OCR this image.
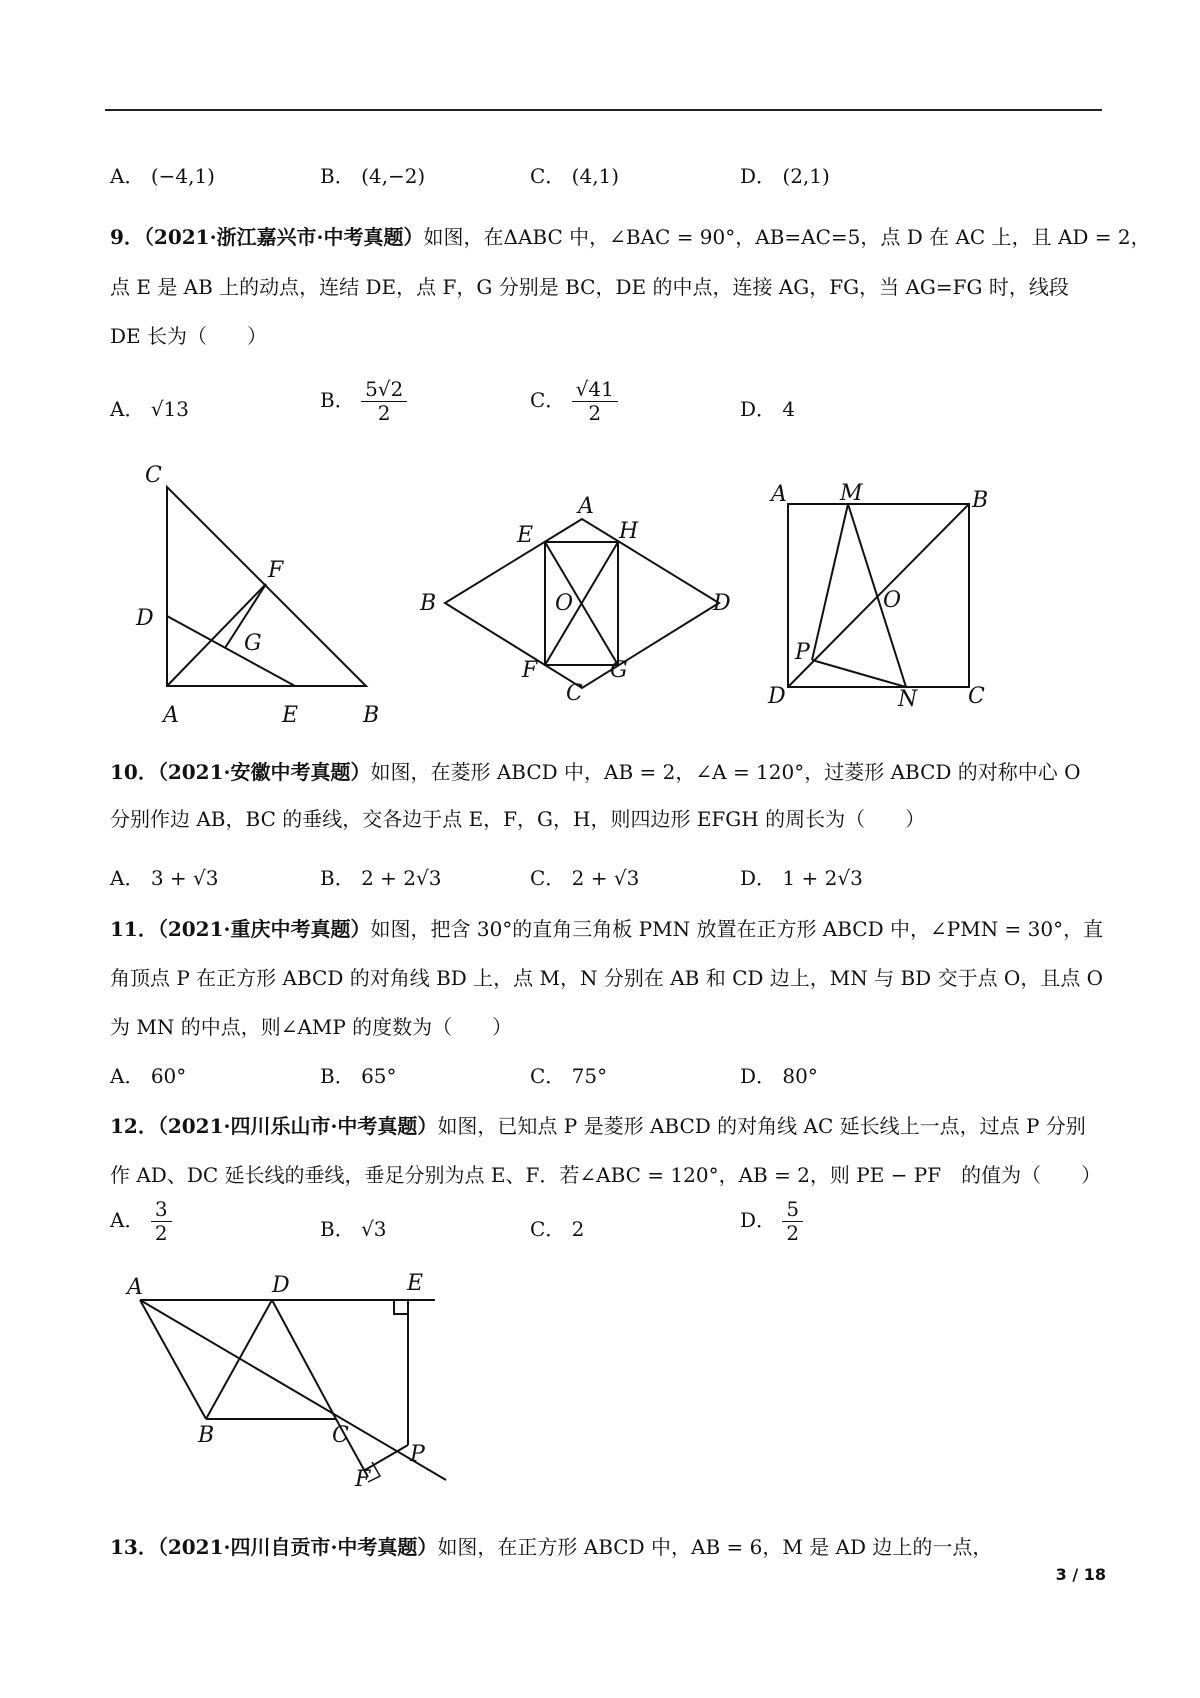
A． (−4,1)	B． (4,−2)	C． (4,1)	D． (2,1)
9．（2021·浙江嘉兴市·中考真题）如图，在ΔABC 中，∠BAC = 90°，AB=AC=5，点 D 在 AC 上，且 AD = 2，
点 E 是 AB 上的动点，连结 DE，点 F，G 分别是 BC，DE 的中点，连接 AG，FG，当 AG=FG 时，线段
DE 长为（　　）
A． √13	B． $\frac{5√2}{2}$	C． $\frac{√41}{2}$	D． 4
C
F
D
G
A	E	B
A
E	H
B	O	D
F	G
C
A M	B
O
P
D	N C
A	D	E
B	C
P
F
10．（2021·安徽中考真题）如图，在菱形 ABCD 中，AB = 2，∠A = 120°，过菱形 ABCD 的对称中心 O
分别作边 AB，BC 的垂线，交各边于点 E，F，G，H，则四边形 EFGH 的周长为（　　）
A． 3 + √3	B． 2 + 2√3	C． 2 + √3	D． 1 + 2√3
11．（2021·重庆中考真题）如图，把含 30°的直角三角板 PMN 放置在正方形 ABCD 中，∠PMN = 30°，直
角顶点 P 在正方形 ABCD 的对角线 BD 上，点 M，N 分别在 AB 和 CD 边上，MN 与 BD 交于点 O，且点 O
为 MN 的中点，则∠AMP 的度数为（　　）
A． 60°	B． 65°	C． 75°	D． 80°
12．（2021·四川乐山市·中考真题）如图，已知点 P 是菱形 ABCD 的对角线 AC 延长线上一点，过点 P 分别
作 AD、DC 延长线的垂线，垂足分别为点 E、F．若∠ABC = 120°，AB = 2，则 PE − PF　的值为（　　）
A． $\frac{3}{2}$	B． √3	C． 2	D． $\frac{5}{2}$
13．（2021·四川自贡市·中考真题）如图，在正方形 ABCD 中，AB = 6，M 是 AD 边上的一点，
3 / 18
